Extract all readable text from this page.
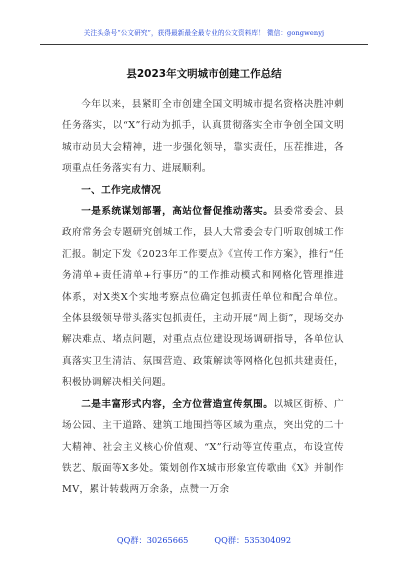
关注头条号“公文研究”，获得最新最全最专业的公文资料库！ 微信：gongwenyj
县2023年文明城市创建工作总结

今年以来，县紧盯全市创建全国文明城市提名资格决胜冲刺任务落实，以“X”行动为抓手，认真贯彻落实全市争创全国文明城市动员大会精神，进一步强化领导，靠实责任，压茬推进，各项重点任务落实有力、进展顺利。

一、工作完成情况

一是系统谋划部署，高站位督促推动落实。县委常委会、县政府常务会专题研究创城工作，县人大常委会专门听取创城工作汇报。制定下发《2023年工作要点》《宣传工作方案》，推行“任务清单+责任清单+行事历”的工作推动模式和网格化管理推进体系，对X类X个实地考察点位确定包抓责任单位和配合单位。全体县级领导带头落实包抓责任，主动开展“周上街”，现场交办解决难点、堵点问题，对重点点位建设现场调研指导，各单位认真落实卫生清洁、氛围营造、政策解读等网格化包抓共建责任，积极协调解决相关问题。

二是丰富形式内容，全方位营造宣传氛围。以城区街桥、广场公园、主干道路、建筑工地围挡等区域为重点，突出党的二十大精神、社会主义核心价值观、“X”行动等宣传重点，布设宣传铁艺、版面等X多处。策划创作X城市形象宣传歌曲《X》并制作MV，累计转载两万余条，点赞一万余

QQ群：30265665	QQ群：535304092
